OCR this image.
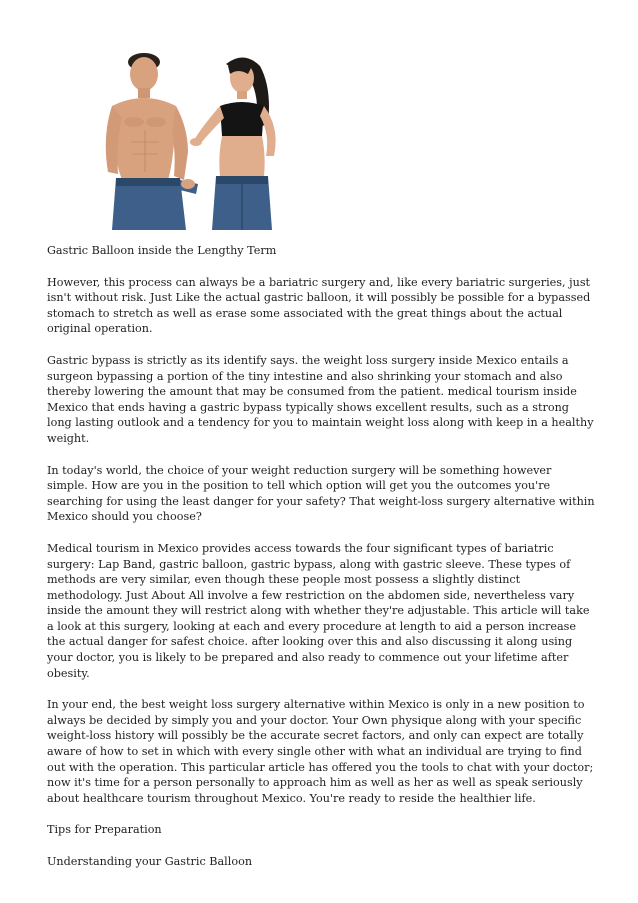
Gastric Balloon inside the Lengthy Term

However, this process can always be a bariatric surgery and, like every bariatric surgeries, just isn't without risk. Just Like the actual gastric balloon, it will possibly be possible for a bypassed stomach to stretch as well as erase some associated with the great things about the actual original operation.

Gastric bypass is strictly as its identify says. the weight loss surgery inside Mexico entails a surgeon bypassing a portion of the tiny intestine and also shrinking your stomach and also thereby lowering the amount that may be consumed from the patient. medical tourism inside Mexico that ends having a gastric bypass typically shows excellent results, such as a strong long lasting outlook and a tendency for you to maintain weight loss along with keep in a healthy weight.

In today's world, the choice of your weight reduction surgery will be something however simple. How are you in the position to tell which option will get you the outcomes you're searching for using the least danger for your safety? That weight-loss surgery alternative within Mexico should you choose?

Medical tourism in Mexico provides access towards the four significant types of bariatric surgery: Lap Band, gastric balloon, gastric bypass, along with gastric sleeve. These types of methods are very similar, even though these people most possess a slightly distinct methodology. Just About All involve a few restriction on the abdomen side, nevertheless vary inside the amount they will restrict along with whether they're adjustable. This article will take a look at this surgery, looking at each and every procedure at length to aid a person increase the actual danger for safest choice. after looking over this and also discussing it along using your doctor, you is likely to be prepared and also ready to commence out your lifetime after obesity.

In your end, the best weight loss surgery alternative within Mexico is only in a new position to always be decided by simply you and your doctor. Your Own physique along with your specific weight-loss history will possibly be the accurate secret factors, and only can expect are totally aware of how to set in which with every single other with what an individual are trying to find out with the operation. This particular article has offered you the tools to chat with your doctor; now it's time for a person personally to approach him as well as her as well as speak seriously about healthcare tourism throughout Mexico. You're ready to reside the healthier life.

Tips for Preparation

Understanding your Gastric Balloon
